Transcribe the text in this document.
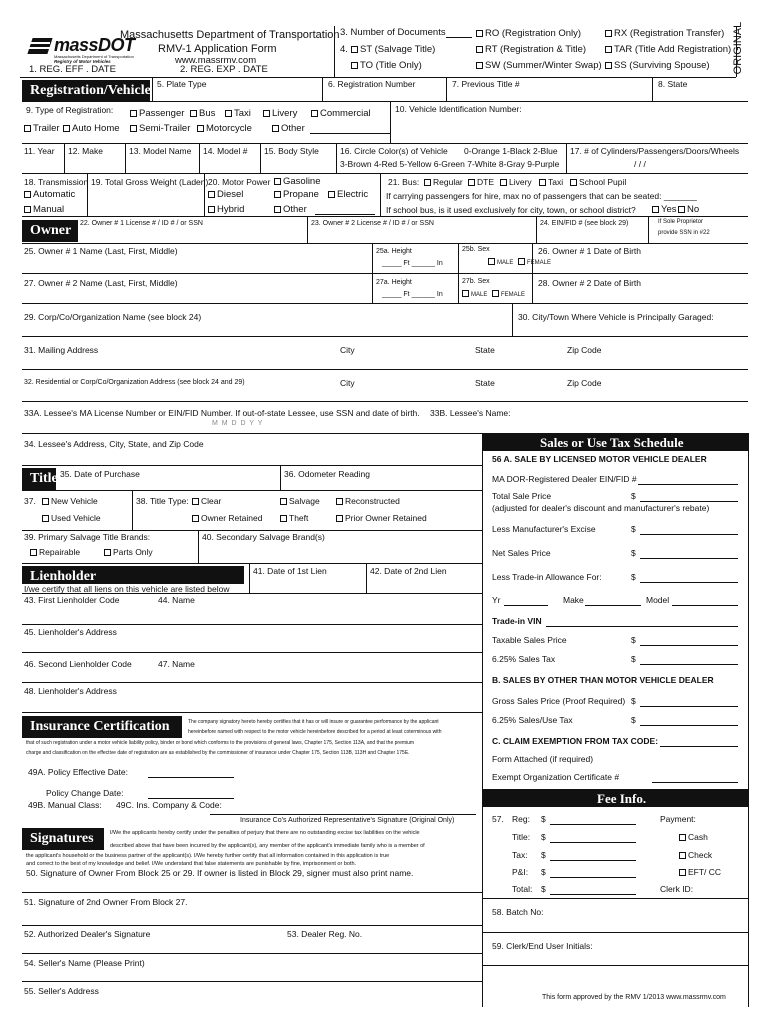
massDOT
Massachusetts Department of Transportation
Registry of Motor Vehicles
Massachusetts Department of Transportation
RMV-1 Application Form
www.massrmv.com
1. REG. EFF . DATE	2. REG. EXP . DATE	ORIGINAL
3. Number of Documents
4.	ST (Salvage Title)
TO (Title Only)
RO (Registration Only)
RT (Registration & Title)
SW (Summer/Winter Swap)
RX (Registration Transfer)
TAR (Title Add Registration)
SS (Surviving Spouse)
Registration/Vehicle 5. Plate Type	6. Registration Number	7. Previous Title #	8. State
9. Type of Registration:	Passenger	Bus	Taxi	Livery	Commercial
Trailer	Auto Home	Semi-Trailer	Motorcycle	Other
10. Vehicle Identification Number:
11. Year 12. Make	13. Model Name 14. Model # 15. Body Style 16. Circle Color(s) of Vehicle 0-Orange 1-Black 2-Blue
3-Brown 4-Red 5-Yellow 6-Green 7-White 8-Gray 9-Purple
17. # of Cylinders/Passengers/Doors/Wheels
/ / /
18. Transmission
Automatic
Manual
19. Total Gross Weight (Laden) 20. Motor Power	Gasoline
Diesel	Propane	Electric
Hybrid	Other
21. Bus:	Regular	DTE	Livery	Taxi	School Pupil
If carrying passengers for hire, max no of passengers that can be seated: _______
If school bus, is it used exclusively for city, town, or school district?	Yes	No
Owner 22. Owner # 1 License # / ID # / or SSN	23. Owner # 2 License # / ID # / or SSN	24. EIN/FID # (see block 29)	If Sole Proprietor
provide SSN in #22
25. Owner # 1 Name (Last, First, Middle)	25a. Height
_____ Ft ______ In
25b. Sex
MALE	FEMALE
26. Owner # 1 Date of Birth
27. Owner # 2 Name (Last, First, Middle)	27a. Height
_____ Ft ______ In
27b. Sex
MALE	FEMALE
28. Owner # 2 Date of Birth
29. Corp/Co/Organization Name (see block 24)	30. City/Town Where Vehicle is Principally Garaged:
31. Mailing Address	City	State	Zip Code
32. Residential or Corp/Co/Organization Address (see block 24 and 29)	City	State	Zip Code
33A. Lessee's MA License Number or EIN/FID Number. If out-of-state Lessee, use SSN and date of birth.
M M D D Y Y
33B. Lessee's Name:
34. Lessee's Address, City, State, and Zip Code
Title 35. Date of Purchase	36. Odometer Reading
37.	New Vehicle
Used Vehicle
38. Title Type:	Clear	Salvage	Reconstructed
Owner Retained	Theft	Prior Owner Retained
39. Primary Salvage Title Brands:
Repairable	Parts Only
40. Secondary Salvage Brand(s)
Lienholder
I/we certify that all liens on this vehicle are listed below
41. Date of 1st Lien	42. Date of 2nd Lien
43. First Lienholder Code	44. Name
45. Lienholder's Address
46. Second Lienholder Code	47. Name
48. Lienholder's Address
Insurance Certification	The company signatory hereto hereby certifies that it has or will insure or guarantee performance by the applicant
hereinbefore named with respect to the motor vehicle hereinbefore described for a period at least coterminous with
that of such registration under a motor vehicle liability policy, binder or bond which conforms to the provisions of general laws, Chapter 175, Section 113A, and that the premium
charge and classification on the effective date of registration are as established by the commissioner of insurance under Chapter 175, Section 113B, 113H and Chapter 175E.
49A. Policy Effective Date:
Policy Change Date:
49B. Manual Class: 49C. Ins. Company & Code:
Insurance Co's Authorized Representative's Signature (Original Only)
Signatures	I/We the applicants hereby certify under the penalties of perjury that there are no outstanding excise tax liabilities on the vehicle
described above that have been incurred by the applicant(s), any member of the applicant's immediate family who is a member of
the applicant's household or the business partner of the applicant(s). I/We hereby further certify that all information contained in this application is true
and correct to the best of my knowledge and belief. I/We understand that false statements are punishable by fine, imprisonment or both.
50. Signature of Owner From Block 25 or 29. If owner is listed in Block 29, signer must also print name.
51. Signature of 2nd Owner From Block 27.
52. Authorized Dealer's Signature	53. Dealer Reg. No.
54. Seller's Name (Please Print)
55. Seller's Address
Sales or Use Tax Schedule
56 A. SALE BY LICENSED MOTOR VEHICLE DEALER
MA DOR-Registered Dealer EIN/FID #
Total Sale Price	$
(adjusted for dealer's discount and manufacturer's rebate)
Less Manufacturer's Excise	$
Net Sales Price	$
Less Trade-in Allowance For:	$
Yr	Make	Model
Trade-in VIN
Taxable Sales Price	$
6.25% Sales Tax	$
B. SALES BY OTHER THAN MOTOR VEHICLE DEALER
Gross Sales Price (Proof Required) $
6.25% Sales/Use Tax	$
C. CLAIM EXEMPTION FROM TAX CODE:
Form Attached (if required)
Exempt Organization Certificate #
Fee Info.
57. Reg: $
Title: $
Tax: $
P&I: $
Total: $
Payment:
Cash
Check
EFT/ CC
Clerk ID:
58. Batch No:
59. Clerk/End User Initials:
This form approved by the RMV 1/2013 www.massrmv.com
